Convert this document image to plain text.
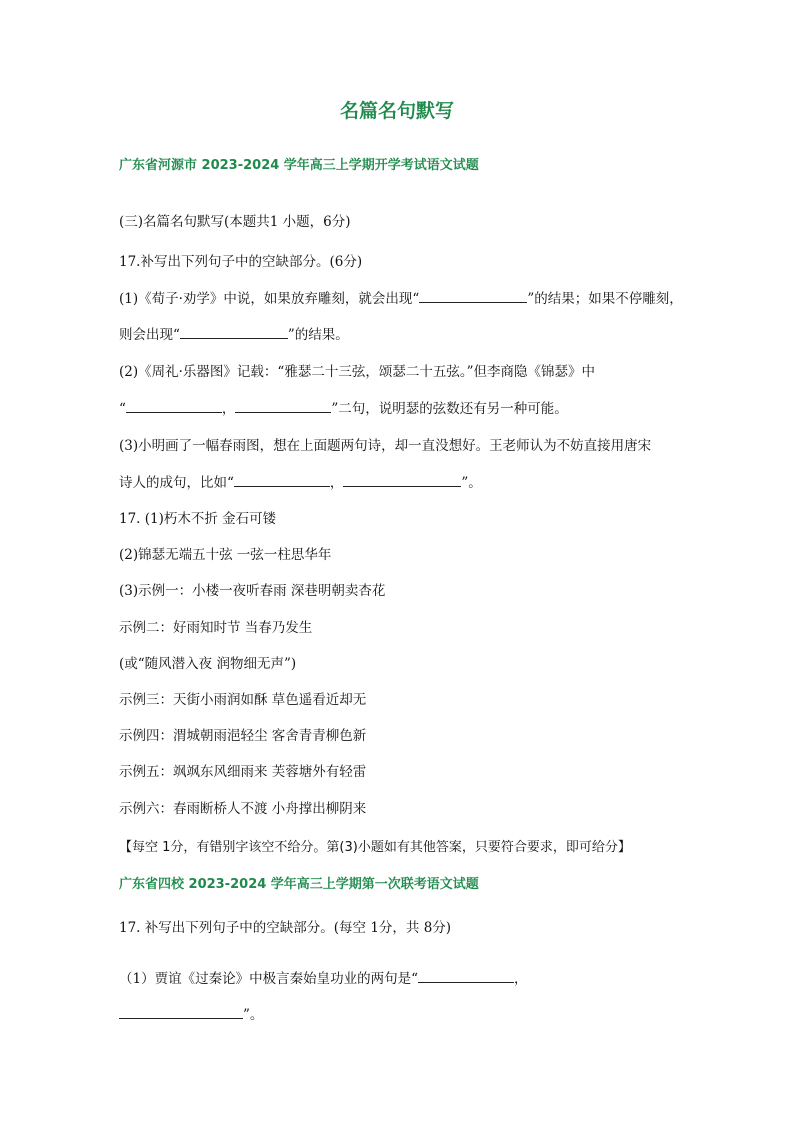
名篇名句默写
广东省河源市 2023-2024 学年高三上学期开学考试语文试题
(三)名篇名句默写(本题共1 小题，6分)
17.补写出下列句子中的空缺部分。(6分)
(1)《荀子·劝学》中说，如果放弃雕刻，就会出现“	”的结果；如果不停雕刻，
则会出现“	”的结果。
(2)《周礼·乐器图》记载：“雅瑟二十三弦，颂瑟二十五弦。”但李商隐《锦瑟》中
“	，	”二句，说明瑟的弦数还有另一种可能。
(3)小明画了一幅春雨图，想在上面题两句诗，却一直没想好。王老师认为不妨直接用唐宋
诗人的成句，比如“	，	”。
17. (1)朽木不折 金石可镂
(2)锦瑟无端五十弦 一弦一柱思华年
(3)示例一：小楼一夜听春雨 深巷明朝卖杏花
示例二：好雨知时节 当春乃发生
(或“随风潜入夜 润物细无声”)
示例三：天街小雨润如酥 草色遥看近却无
示例四：渭城朝雨浥轻尘 客舍青青柳色新
示例五：飒飒东风细雨来 芙蓉塘外有轻雷
示例六：春雨断桥人不渡 小舟撑出柳阴来
【每空 1分，有错别字该空不给分。第(3)小题如有其他答案，只要符合要求，即可给分】
广东省四校 2023-2024 学年高三上学期第一次联考语文试题
17. 补写出下列句子中的空缺部分。(每空 1分，共 8分)
（1）贾谊《过秦论》中极言秦始皇功业的两句是“	，
”。
